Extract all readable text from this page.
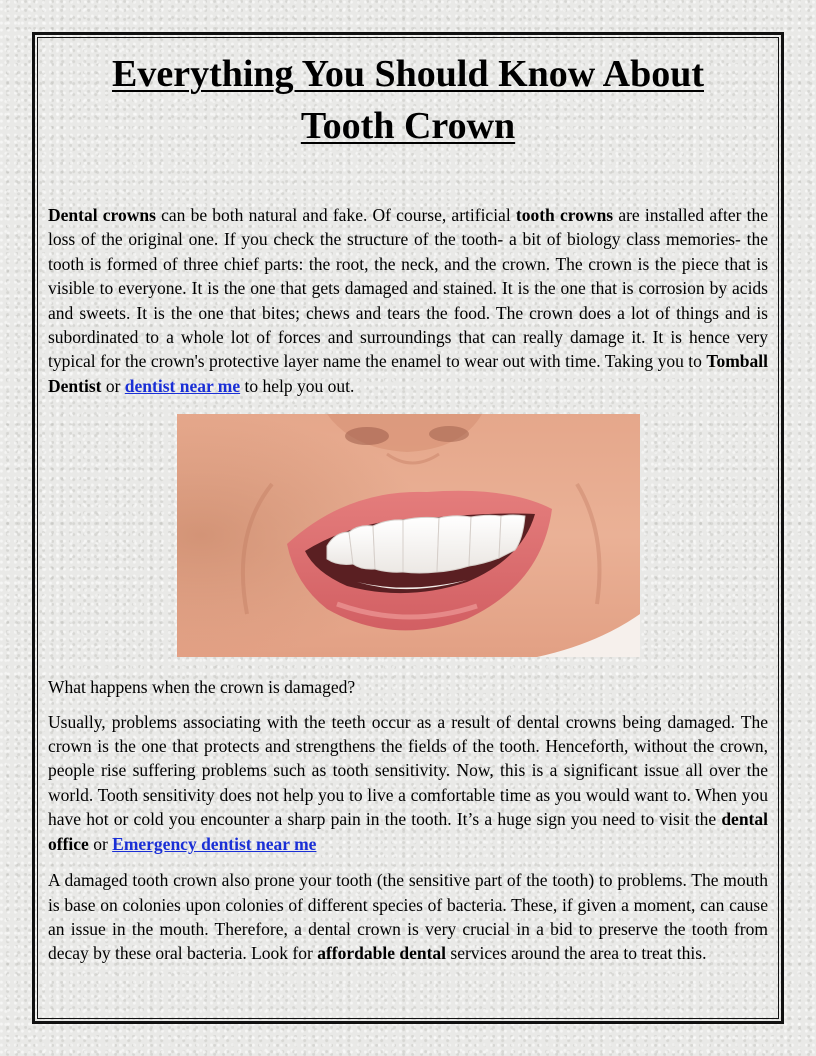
Everything You Should Know About
Tooth Crown

Dental crowns can be both natural and fake. Of course, artificial tooth crowns are installed after the loss of the original one. If you check the structure of the tooth- a bit of biology class memories- the tooth is formed of three chief parts: the root, the neck, and the crown. The crown is the piece that is visible to everyone. It is the one that gets damaged and stained. It is the one that is corrosion by acids and sweets. It is the one that bites; chews and tears the food. The crown does a lot of things and is subordinated to a whole lot of forces and surroundings that can really damage it. It is hence very typical for the crown's protective layer name the enamel to wear out with time. Taking you to Tomball Dentist or dentist near me to help you out.

What happens when the crown is damaged?

Usually, problems associating with the teeth occur as a result of dental crowns being damaged. The crown is the one that protects and strengthens the fields of the tooth. Henceforth, without the crown, people rise suffering problems such as tooth sensitivity. Now, this is a significant issue all over the world. Tooth sensitivity does not help you to live a comfortable time as you would want to. When you have hot or cold you encounter a sharp pain in the tooth. It’s a huge sign you need to visit the dental office or Emergency dentist near me

A damaged tooth crown also prone your tooth (the sensitive part of the tooth) to problems. The mouth is base on colonies upon colonies of different species of bacteria. These, if given a moment, can cause an issue in the mouth. Therefore, a dental crown is very crucial in a bid to preserve the tooth from decay by these oral bacteria. Look for affordable dental services around the area to treat this.
